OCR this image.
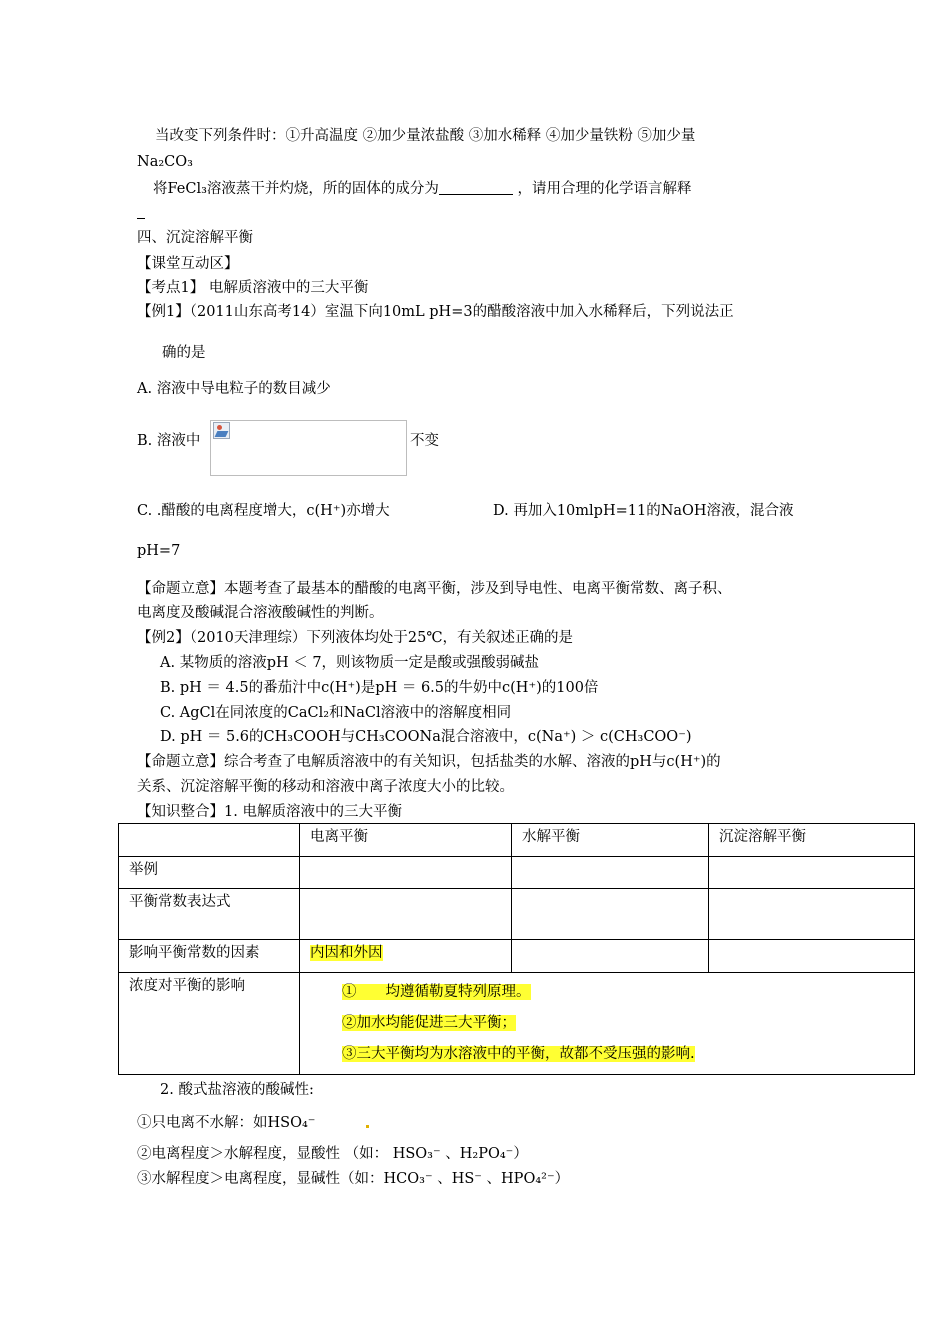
当改变下列条件时：①升高温度 ②加少量浓盐酸 ③加水稀释 ④加少量铁粉 ⑤加少量
Na₂CO₃
将FeCl₃溶液蒸干并灼烧，所的固体的成分为	，请用合理的化学语言解释
四、沉淀溶解平衡
【课堂互动区】
【考点1】 电解质溶液中的三大平衡
【例1】（2011山东高考14）室温下向10mL pH=3的醋酸溶液中加入水稀释后，下列说法正
确的是
A. 溶液中导电粒子的数目减少
B. 溶液中	不变
C. .醋酸的电离程度增大，c(H⁺)亦增大	D. 再加入10mlpH=11的NaOH溶液，混合液
pH=7
【命题立意】本题考查了最基本的醋酸的电离平衡，涉及到导电性、电离平衡常数、离子积、
电离度及酸碱混合溶液酸碱性的判断。
【例2】（2010天津理综）下列液体均处于25℃，有关叙述正确的是
A. 某物质的溶液pH ＜ 7，则该物质一定是酸或强酸弱碱盐
B. pH ＝ 4.5的番茄汁中c(H⁺)是pH ＝ 6.5的牛奶中c(H⁺)的100倍
C. AgCl在同浓度的CaCl₂和NaCl溶液中的溶解度相同
D. pH ＝ 5.6的CH₃COOH与CH₃COONa混合溶液中，c(Na⁺) ＞ c(CH₃COO⁻)
【命题立意】综合考查了电解质溶液中的有关知识，包括盐类的水解、溶液的pH与c(H⁺)的
关系、沉淀溶解平衡的移动和溶液中离子浓度大小的比较。
【知识整合】1. 电解质溶液中的三大平衡
	电离平衡	水解平衡	沉淀溶解平衡
举例			
平衡常数表达式			
影响平衡常数的因素	内因和外因		
浓度对平衡的影响	①　　均遵循勒夏特列原理。
②加水均能促进三大平衡；
③三大平衡均为水溶液中的平衡，故都不受压强的影响.		
2. 酸式盐溶液的酸碱性:
①只电离不水解：如HSO₄⁻
②电离程度＞水解程度，显酸性 （如： HSO₃⁻ 、H₂PO₄⁻）
③水解程度＞电离程度，显碱性（如：HCO₃⁻ 、HS⁻ 、HPO₄²⁻）
